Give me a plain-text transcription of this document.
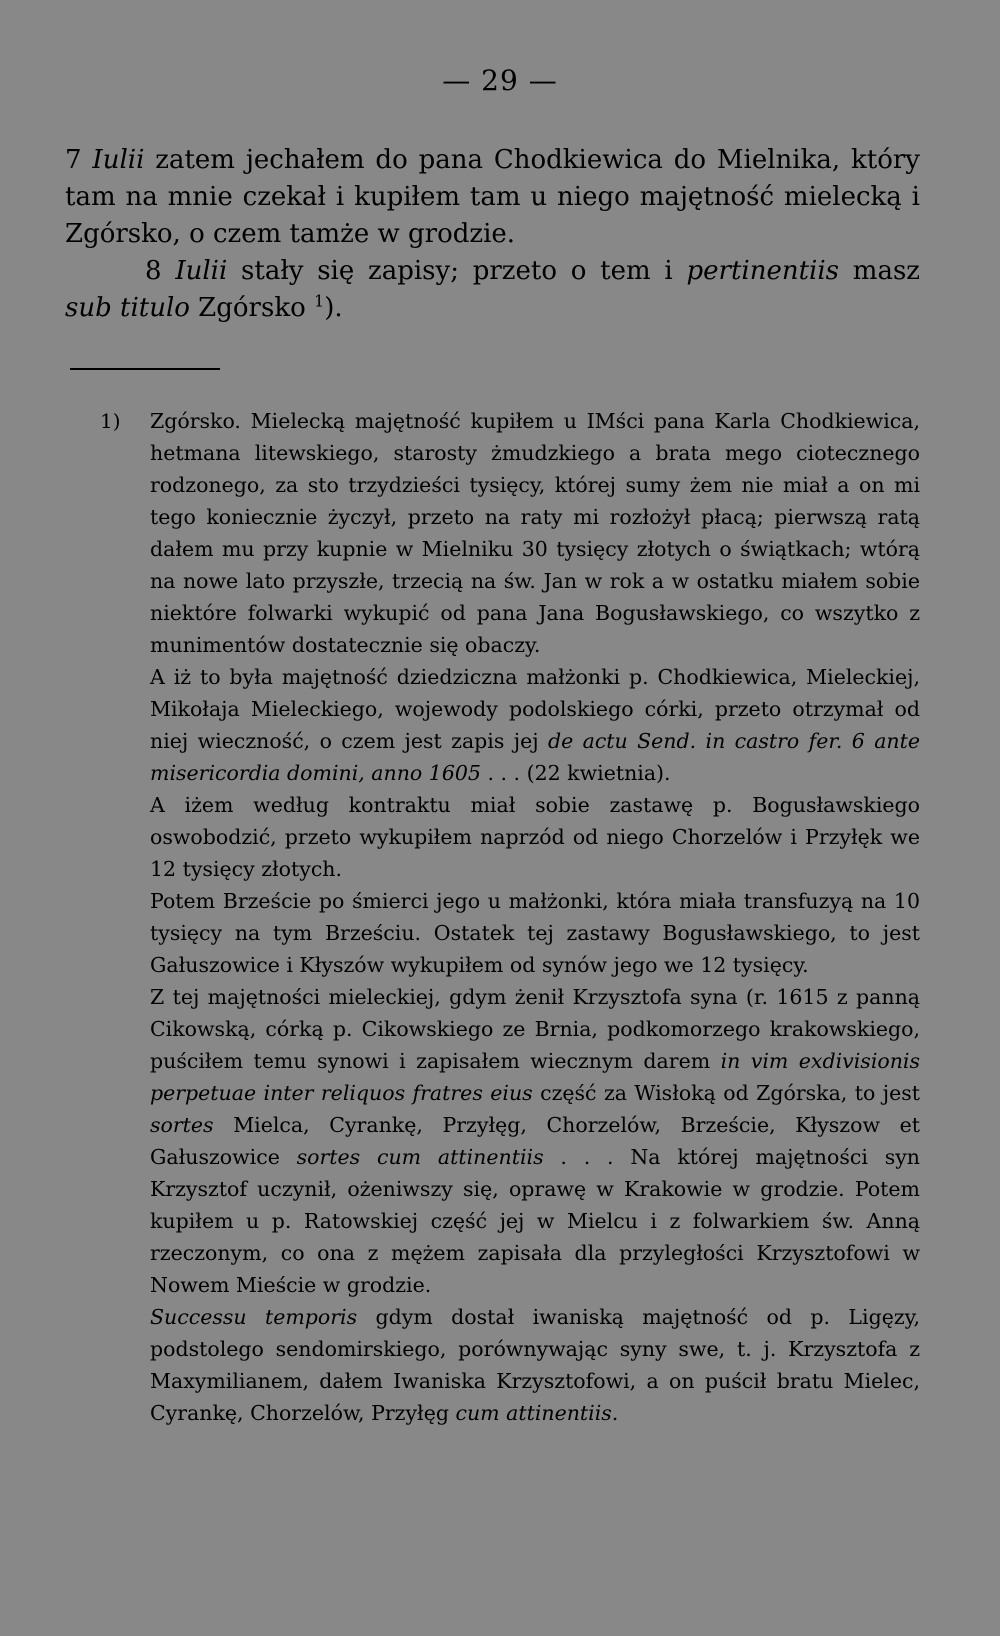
— 29 —

7 Iulii zatem jechałem do pana Chodkiewica do Mielnika, który tam na mnie czekał i kupiłem tam u niego majętność mielecką i Zgórsko, o czem tamże w grodzie.

8 Iulii stały się zapisy; przeto o tem i pertinentiis masz sub titulo Zgórsko $^1$).

1) Zgórsko. Mielecką majętność kupiłem u IMści pana Karla Chodkiewica, hetmana litewskiego, starosty żmudzkiego a brata mego ciotecznego rodzonego, za sto trzydzieści tysięcy, której sumy żem nie miał a on mi tego koniecznie życzył, przeto na raty mi rozłożył płacą; pierwszą ratą dałem mu przy kupnie w Mielniku 30 tysięcy złotych o świątkach; wtórą na nowe lato przyszłe, trzecią na św. Jan w rok a w ostatku miałem sobie niektóre folwarki wykupić od pana Jana Bogusławskiego, co wszytko z munimentów dostatecznie się obaczy.

A iż to była majętność dziedziczna małżonki p. Chodkiewica, Mieleckiej, Mikołaja Mieleckiego, wojewody podolskiego córki, przeto otrzymał od niej wieczność, o czem jest zapis jej de actu Send. in castro fer. 6 ante misericordia domini, anno 1605 . . . (22 kwietnia).

A iżem według kontraktu miał sobie zastawę p. Bogusławskiego oswobodzić, przeto wykupiłem naprzód od niego Chorzelów i Przyłęk we 12 tysięcy złotych.

Potem Brzeście po śmierci jego u małżonki, która miała transfuzyą na 10 tysięcy na tym Brześciu. Ostatek tej zastawy Bogusławskiego, to jest Gałuszowice i Kłyszów wykupiłem od synów jego we 12 tysięcy.

Z tej majętności mieleckiej, gdym żenił Krzysztofa syna (r. 1615 z panną Cikowską, córką p. Cikowskiego ze Brnia, podkomorzego krakowskiego, puściłem temu synowi i zapisałem wiecznym darem in vim exdivisionis perpetuae inter reliquos fratres eius część za Wisłoką od Zgórska, to jest sortes Mielca, Cyrankę, Przyłęg, Chorzelów, Brzeście, Kłyszow et Gałuszowice sortes cum attinentiis . . . Na której majętności syn Krzysztof uczynił, ożeniwszy się, oprawę w Krakowie w grodzie. Potem kupiłem u p. Ratowskiej część jej w Mielcu i z folwarkiem św. Anną rzeczonym, co ona z mężem zapisała dla przyległości Krzysztofowi w Nowem Mieście w grodzie.

Successu temporis gdym dostał iwaniską majętność od p. Ligęzy, podstolego sendomirskiego, porównywając syny swe, t. j. Krzysztofa z Maxymilianem, dałem Iwaniska Krzysztofowi, a on puścił bratu Mielec, Cyrankę, Chorzelów, Przyłęg cum attinentiis.
